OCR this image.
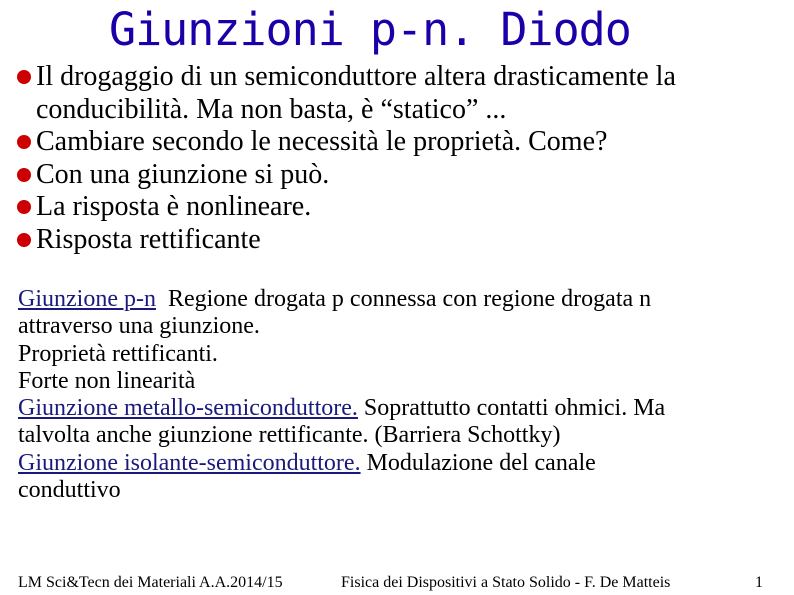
Giunzioni p-n. Diodo
Il drogaggio di un semiconduttore altera drasticamente la conducibilità. Ma non basta, è “statico” ...
Cambiare secondo le necessità le proprietà. Come?
Con una giunzione si può.
La risposta è nonlineare.
Risposta rettificante

Giunzione p-n  Regione drogata p connessa con regione drogata n attraverso una giunzione.

Proprietà rettificanti.

Forte non linearità

Giunzione metallo-semiconduttore. Soprattutto contatti ohmici. Ma talvolta anche giunzione rettificante. (Barriera Schottky)

Giunzione isolante-semiconduttore. Modulazione del canale conduttivo

LM Sci&Tecn dei Materiali A.A.2014/15	Fisica dei Dispositivi a Stato Solido - F. De Matteis	1
